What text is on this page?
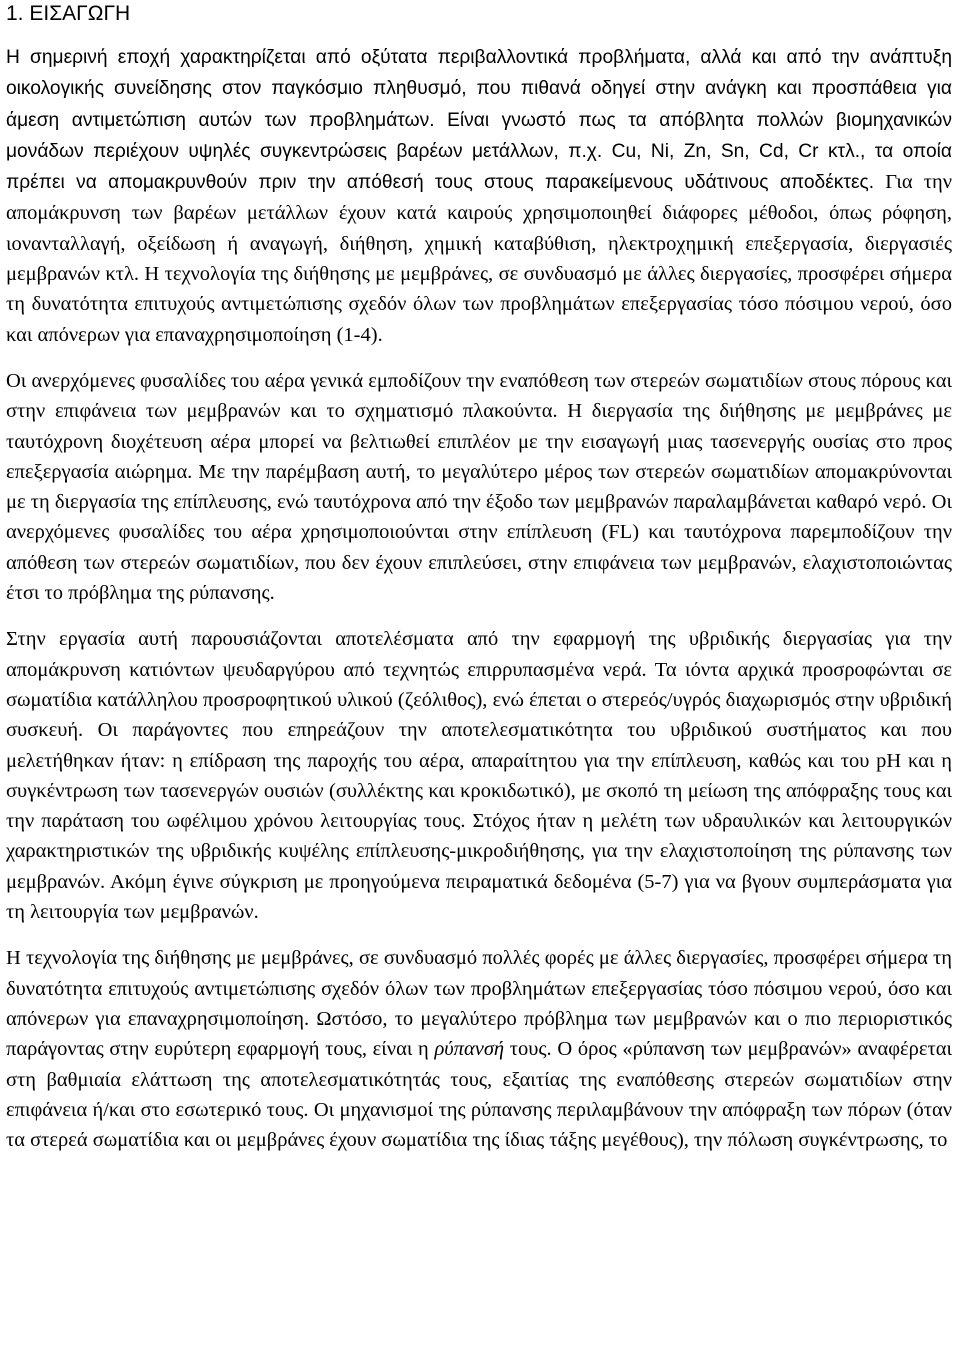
1. ΕΙΣΑΓΩΓΗ

Η σημερινή εποχή χαρακτηρίζεται από οξύτατα περιβαλλοντικά προβλήματα, αλλά και από την ανάπτυξη οικολογικής συνείδησης στον παγκόσμιο πληθυσμό, που πιθανά οδηγεί στην ανάγκη και προσπάθεια για άμεση αντιμετώπιση αυτών των προβλημάτων. Είναι γνωστό πως τα απόβλητα πολλών βιομηχανικών μονάδων περιέχουν υψηλές συγκεντρώσεις βαρέων μετάλλων, π.χ. Cu, Ni, Zn, Sn, Cd, Cr κτλ., τα οποία πρέπει να απομακρυνθούν πριν την απόθεσή τους στους παρακείμενους υδάτινους αποδέκτες. Για την απομάκρυνση των βαρέων μετάλλων έχουν κατά καιρούς χρησιμοποιηθεί διάφορες μέθοδοι, όπως ρόφηση, ιονανταλλαγή, οξείδωση ή αναγωγή, διήθηση, χημική καταβύθιση, ηλεκτροχημική επεξεργασία, διεργασιές μεμβρανών κτλ. Η τεχνολογία της διήθησης με μεμβράνες, σε συνδυασμό με άλλες διεργασίες, προσφέρει σήμερα τη δυνατότητα επιτυχούς αντιμετώπισης σχεδόν όλων των προβλημάτων επεξεργασίας τόσο πόσιμου νερού, όσο και απόνερων για επαναχρησιμοποίηση (1-4).

Οι ανερχόμενες φυσαλίδες του αέρα γενικά εμποδίζουν την εναπόθεση των στερεών σωματιδίων στους πόρους και στην επιφάνεια των μεμβρανών και το σχηματισμό πλακούντα. Η διεργασία της διήθησης με μεμβράνες με ταυτόχρονη διοχέτευση αέρα μπορεί να βελτιωθεί επιπλέον με την εισαγωγή μιας τασενεργής ουσίας στο προς επεξεργασία αιώρημα. Με την παρέμβαση αυτή, το μεγαλύτερο μέρος των στερεών σωματιδίων απομακρύνονται με τη διεργασία της επίπλευσης, ενώ ταυτόχρονα από την έξοδο των μεμβρανών παραλαμβάνεται καθαρό νερό. Οι ανερχόμενες φυσαλίδες του αέρα χρησιμοποιούνται στην επίπλευση (FL) και ταυτόχρονα παρεμποδίζουν την απόθεση των στερεών σωματιδίων, που δεν έχουν επιπλεύσει, στην επιφάνεια των μεμβρανών, ελαχιστοποιώντας έτσι το πρόβλημα της ρύπανσης.

Στην εργασία αυτή παρουσιάζονται αποτελέσματα από την εφαρμογή της υβριδικής διεργασίας για την απομάκρυνση κατιόντων ψευδαργύρου από τεχνητώς επιρρυπασμένα νερά. Τα ιόντα αρχικά προσροφώνται σε σωματίδια κατάλληλου προσροφητικού υλικού (ζεόλιθος), ενώ έπεται ο στερεός/υγρός διαχωρισμός στην υβριδική συσκευή. Οι παράγοντες που επηρεάζουν την αποτελεσματικότητα του υβριδικού συστήματος και που μελετήθηκαν ήταν: η επίδραση της παροχής του αέρα, απαραίτητου για την επίπλευση, καθώς και του pH και η συγκέντρωση των τασενεργών ουσιών (συλλέκτης και κροκιδωτικό), με σκοπό τη μείωση της απόφραξης τους και την παράταση του ωφέλιμου χρόνου λειτουργίας τους. Στόχος ήταν η μελέτη των υδραυλικών και λειτουργικών χαρακτηριστικών της υβριδικής κυψέλης επίπλευσης-μικροδιήθησης, για την ελαχιστοποίηση της ρύπανσης των μεμβρανών. Ακόμη έγινε σύγκριση με προηγούμενα πειραματικά δεδομένα (5-7) για να βγουν συμπεράσματα για τη λειτουργία των μεμβρανών.

Η τεχνολογία της διήθησης με μεμβράνες, σε συνδυασμό πολλές φορές με άλλες διεργασίες, προσφέρει σήμερα τη δυνατότητα επιτυχούς αντιμετώπισης σχεδόν όλων των προβλημάτων επεξεργασίας τόσο πόσιμου νερού, όσο και απόνερων για επαναχρησιμοποίηση. Ωστόσο, το μεγαλύτερο πρόβλημα των μεμβρανών και ο πιο περιοριστικός παράγοντας στην ευρύτερη εφαρμογή τους, είναι η ρύπανσή τους. Ο όρος «ρύπανση των μεμβρανών» αναφέρεται στη βαθμιαία ελάττωση της αποτελεσματικότητάς τους, εξαιτίας της εναπόθεσης στερεών σωματιδίων στην επιφάνεια ή/και στο εσωτερικό τους. Οι μηχανισμοί της ρύπανσης περιλαμβάνουν την απόφραξη των πόρων (όταν τα στερεά σωματίδια και οι μεμβράνες έχουν σωματίδια της ίδιας τάξης μεγέθους), την πόλωση συγκέντρωσης, το
